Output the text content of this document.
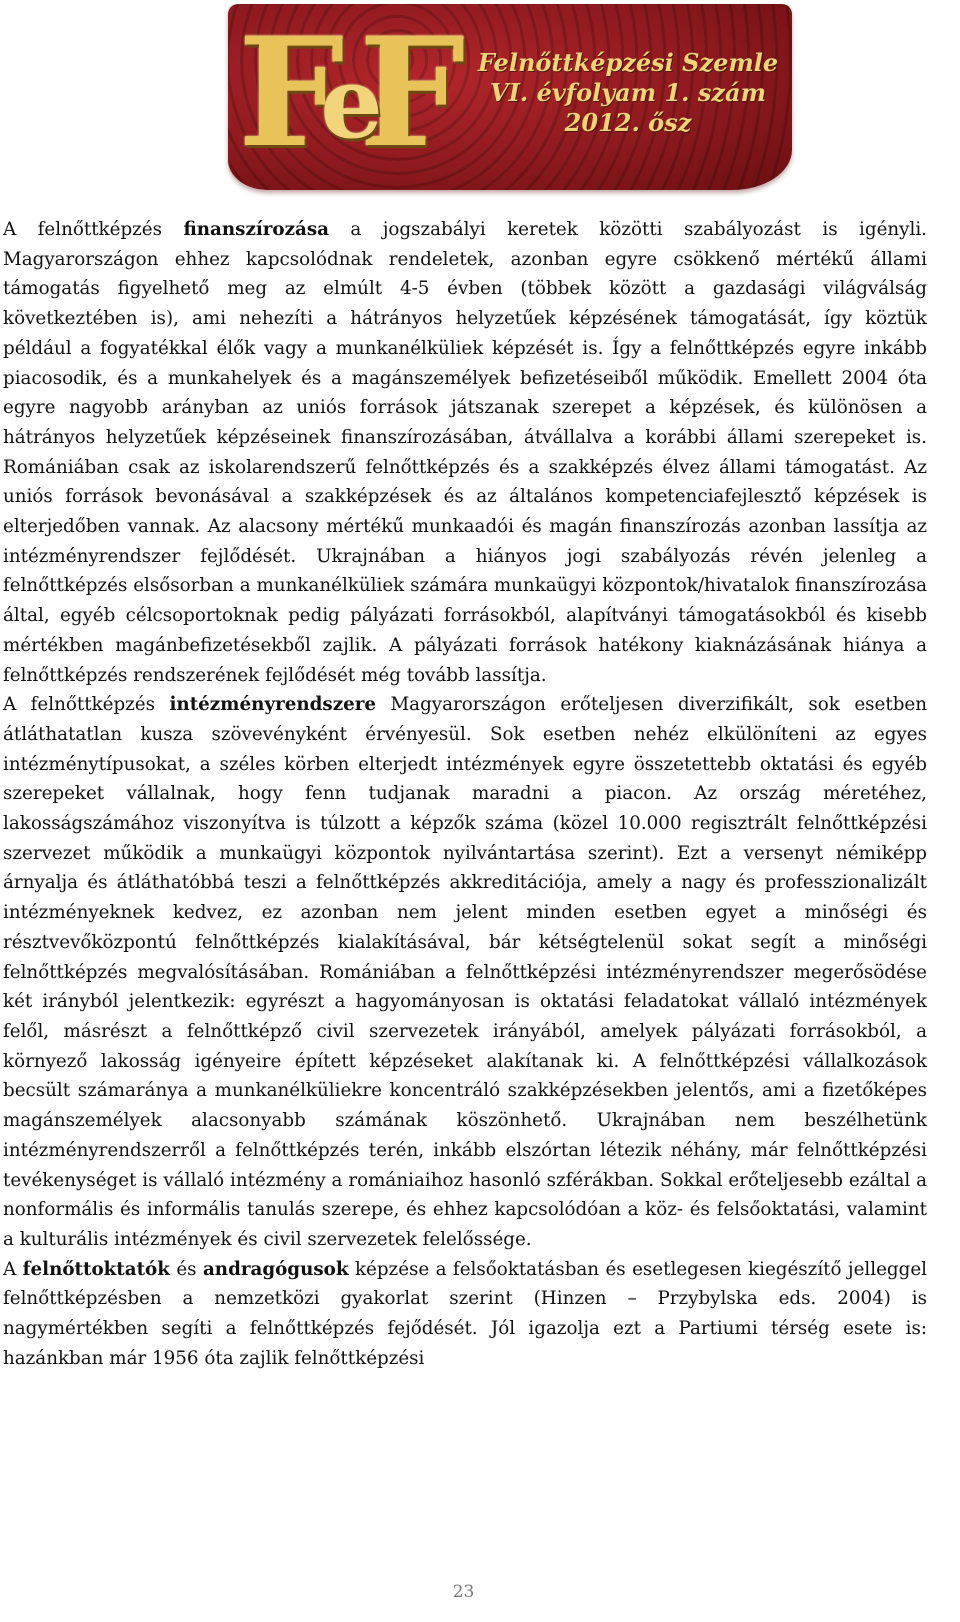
FeF	Felnőttképzési Szemle
VI. évfolyam 1. szám
2012. ősz

A felnőttképzés finanszírozása a jogszabályi keretek közötti szabályozást is igényli. Magyarországon ehhez kapcsolódnak rendeletek, azonban egyre csökkenő mértékű állami támogatás figyelhető meg az elmúlt 4-5 évben (többek között a gazdasági világválság következtében is), ami nehezíti a hátrányos helyzetűek képzésének támogatását, így köztük például a fogyatékkal élők vagy a munkanélküliek képzését is. Így a felnőttképzés egyre inkább piacosodik, és a munkahelyek és a magánszemélyek befizetéseiből működik. Emellett 2004 óta egyre nagyobb arányban az uniós források játszanak szerepet a képzések, és különösen a hátrányos helyzetűek képzéseinek finanszírozásában, átvállalva a korábbi állami szerepeket is. Romániában csak az iskolarendszerű felnőttképzés és a szakképzés élvez állami támogatást. Az uniós források bevonásával a szakképzések és az általános kompetenciafejlesztő képzések is elterjedőben vannak. Az alacsony mértékű munkaadói és magán finanszírozás azonban lassítja az intézményrendszer fejlődését. Ukrajnában a hiányos jogi szabályozás révén jelenleg a felnőttképzés elsősorban a munkanélküliek számára munkaügyi központok/hivatalok finanszírozása által, egyéb célcsoportoknak pedig pályázati forrásokból, alapítványi támogatásokból és kisebb mértékben magánbefizetésekből zajlik. A pályázati források hatékony kiaknázásának hiánya a felnőttképzés rendszerének fejlődését még tovább lassítja.

A felnőttképzés intézményrendszere Magyarországon erőteljesen diverzifikált, sok esetben átláthatatlan kusza szövevényként érvényesül. Sok esetben nehéz elkülöníteni az egyes intézménytípusokat, a széles körben elterjedt intézmények egyre összetettebb oktatási és egyéb szerepeket vállalnak, hogy fenn tudjanak maradni a piacon. Az ország méretéhez, lakosságszámához viszonyítva is túlzott a képzők száma (közel 10.000 regisztrált felnőttképzési szervezet működik a munkaügyi központok nyilvántartása szerint). Ezt a versenyt némiképp árnyalja és átláthatóbbá teszi a felnőttképzés akkreditációja, amely a nagy és professzionalizált intézményeknek kedvez, ez azonban nem jelent minden esetben egyet a minőségi és résztvevőközpontú felnőttképzés kialakításával, bár kétségtelenül sokat segít a minőségi felnőttképzés megvalósításában. Romániában a felnőttképzési intézményrendszer megerősödése két irányból jelentkezik: egyrészt a hagyományosan is oktatási feladatokat vállaló intézmények felől, másrészt a felnőttképző civil szervezetek irányából, amelyek pályázati forrásokból, a környező lakosság igényeire épített képzéseket alakítanak ki. A felnőttképzési vállalkozások becsült számaránya a munkanélküliekre koncentráló szakképzésekben jelentős, ami a fizetőképes magánszemélyek alacsonyabb számának köszönhető. Ukrajnában nem beszélhetünk intézményrendszerről a felnőttképzés terén, inkább elszórtan létezik néhány, már felnőttképzési tevékenységet is vállaló intézmény a romániaihoz hasonló szférákban. Sokkal erőteljesebb ezáltal a nonformális és informális tanulás szerepe, és ehhez kapcsolódóan a köz- és felsőoktatási, valamint a kulturális intézmények és civil szervezetek felelőssége.

A felnőttoktatók és andragógusok képzése a felsőoktatásban és esetlegesen kiegészítő jelleggel felnőttképzésben a nemzetközi gyakorlat szerint (Hinzen – Przybylska eds. 2004) is nagymértékben segíti a felnőttképzés fejődését. Jól igazolja ezt a Partiumi térség esete is: hazánkban már 1956 óta zajlik felnőttképzési

23
